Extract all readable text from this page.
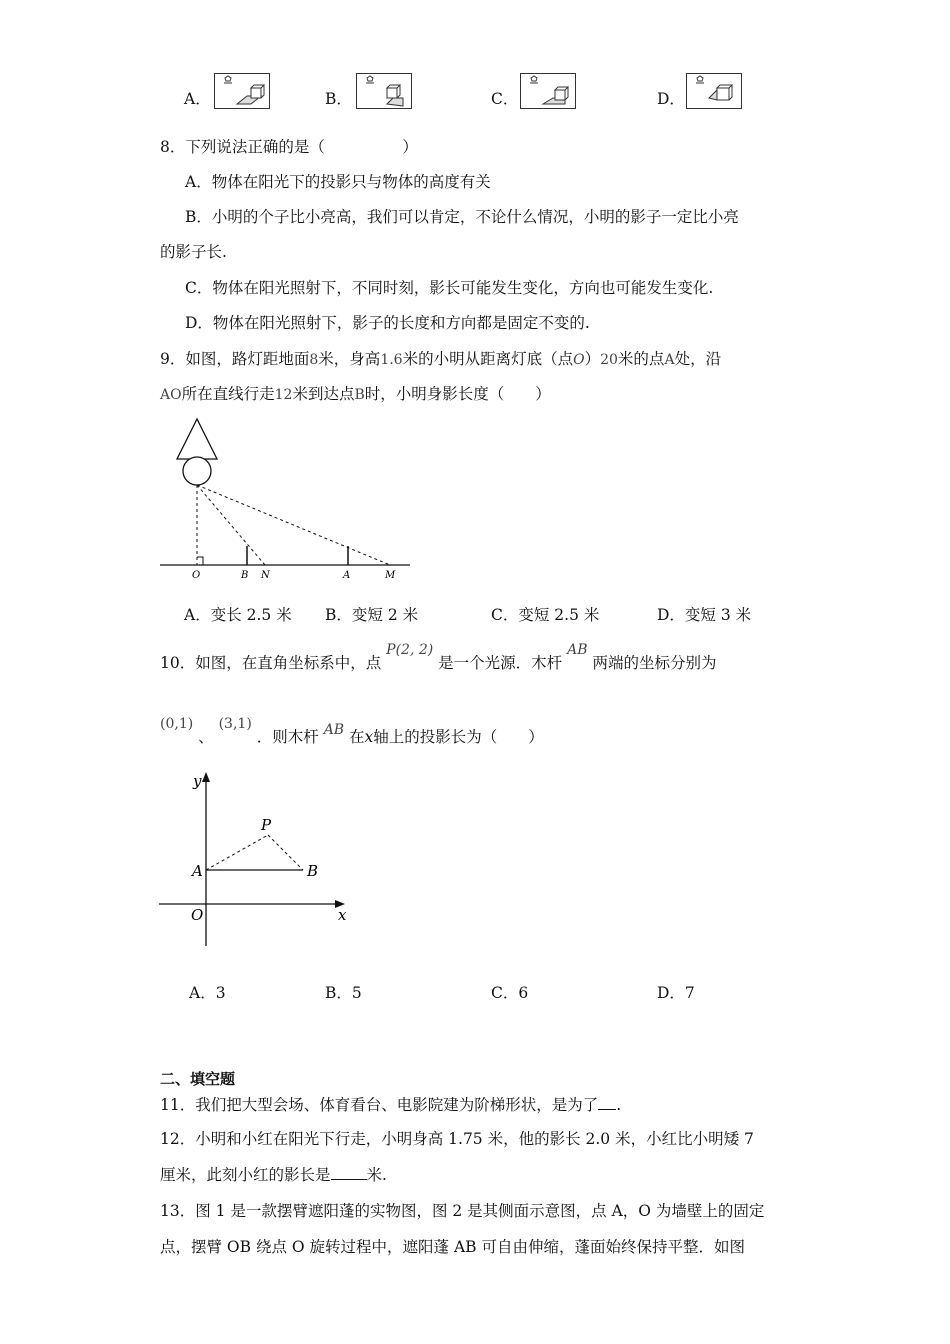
A．	B．	C．	D．
8．下列说法正确的是（　　　　　）
A．物体在阳光下的投影只与物体的高度有关
B．小明的个子比小亮高，我们可以肯定，不论什么情况，小明的影子一定比小亮
的影子长.
C．物体在阳光照射下，不同时刻，影长可能发生变化，方向也可能发生变化.
D．物体在阳光照射下，影子的长度和方向都是固定不变的.
9．如图，路灯距地面8米，身高1.6米的小明从距离灯底（点O）20米的点A处，沿
AO所在直线行走12米到达点B时，小明身影长度（　　）
O	B N	A	M
A．变长 2.5 米 B．变短 2 米	C．变短 2.5 米	D．变短 3 米
10．如图，在直角坐标系中，点 P(2, 2) 是一个光源．木杆 AB 两端的坐标分别为
(0,1) 、 (3,1) ．则木杆 AB 在x轴上的投影长为（　　）
y
P
A	B
O	x
A．3	B．5	C．6	D．7
二、填空题
11．我们把大型会场、体育看台、电影院建为阶梯形状，是为了 .
12．小明和小红在阳光下行走，小明身高 1.75 米，他的影长 2.0 米，小红比小明矮 7
厘米，此刻小红的影长是 米.
13．图 1 是一款摆臂遮阳蓬的实物图，图 2 是其侧面示意图，点 A，O 为墙壁上的固定
点，摆臂 OB 绕点 O 旋转过程中，遮阳蓬 AB 可自由伸缩，蓬面始终保持平整．如图
